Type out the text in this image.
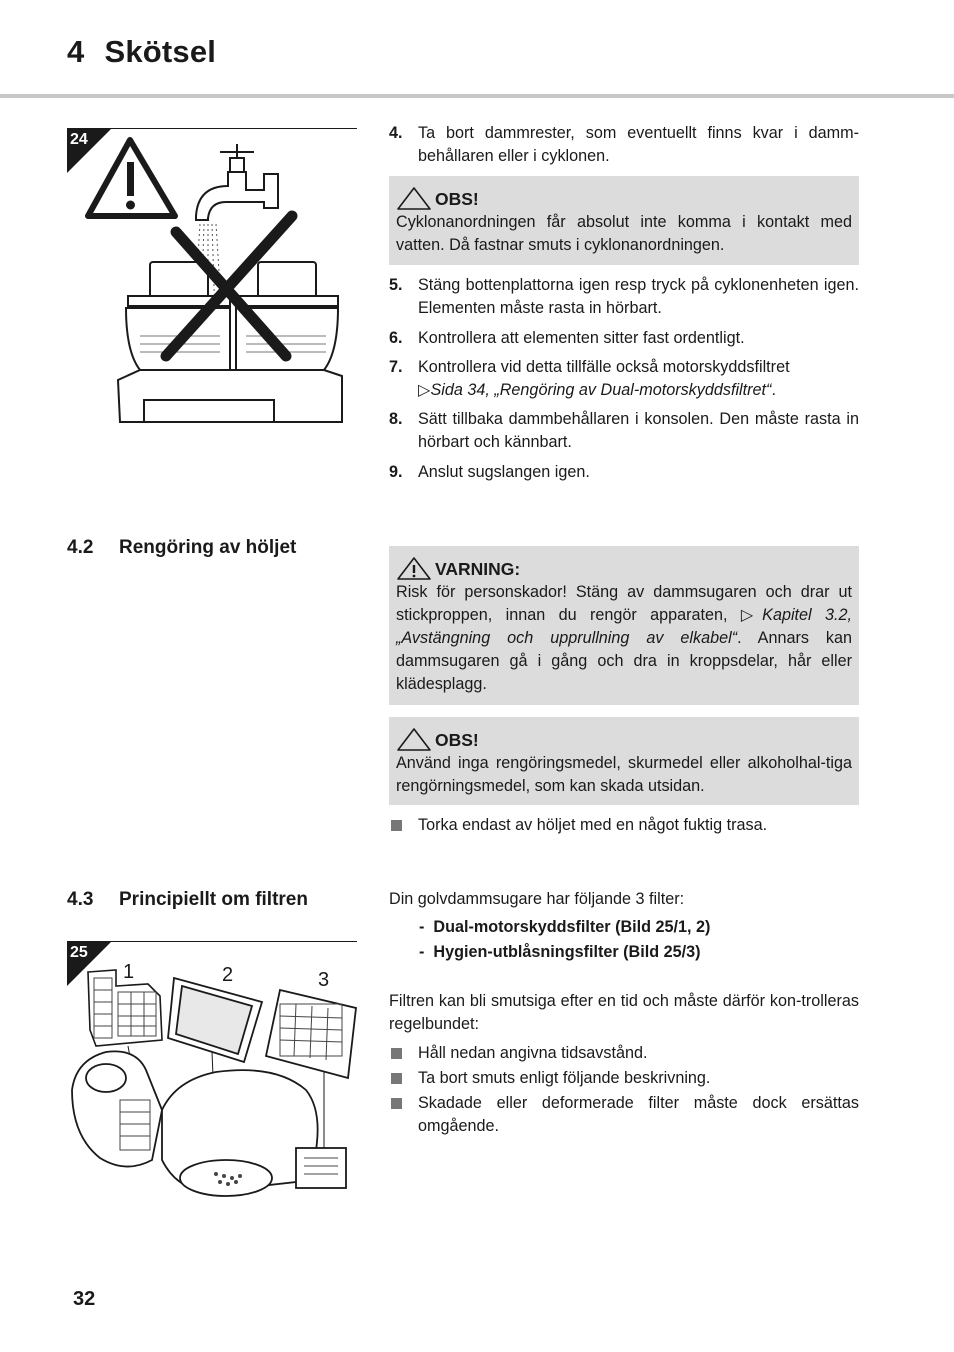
4 Skötsel
24	4. Ta bort dammrester, som eventuellt finns kvar i damm-behållaren eller i cyklonen.
OBS!
Cyklonanordningen får absolut inte komma i kontakt med vatten. Då fastnar smuts i cyklonanordningen.
5. Stäng bottenplattorna igen resp tryck på cyklonenheten igen. Elementen måste rasta in hörbart.
6. Kontrollera att elementen sitter fast ordentligt.
7. Kontrollera vid detta tillfälle också motorskyddsfiltret
▷Sida 34, „Rengöring av Dual-motorskyddsfiltret“.
8. Sätt tillbaka dammbehållaren i konsolen. Den måste rasta in hörbart och kännbart.
9. Anslut sugslangen igen.
4.2 Rengöring av höljet
VARNING:
Risk för personskador! Stäng av dammsugaren och drar ut stickproppen, innan du rengör apparaten, ▷Kapitel 3.2, „Avstängning och upprullning av elkabel“. Annars kan dammsugaren gå i gång och dra in kroppsdelar, hår eller klädesplagg.
OBS!
Använd inga rengöringsmedel, skurmedel eller alkoholhal-tiga rengörningsmedel, som kan skada utsidan.
Torka endast av höljet med en något fuktig trasa.
4.3 Principiellt om filtren	Din golvdammsugare har följande 3 filter:
-  Dual-motorskyddsfilter (Bild 25/1, 2)
-  Hygien-utblåsningsfilter (Bild 25/3)
Filtren kan bli smutsiga efter en tid och måste därför kon-trolleras regelbundet:
Håll nedan angivna tidsavstånd.
Ta bort smuts enligt följande beskrivning.
Skadade eller deformerade filter måste dock ersättas omgående.
25
1	2	3
32
